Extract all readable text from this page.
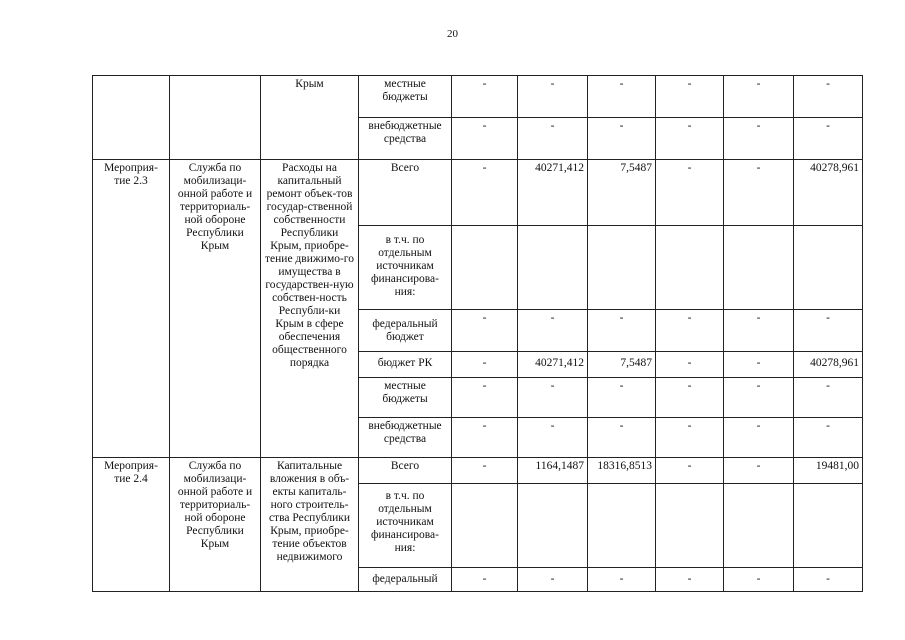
20
		Крым	местные бюджеты	-	-	-	-	-	-
			внебюджетные средства	-	-	-	-	-	-
Мероприя-тие 2.3	Служба по мобилизаци-онной работе и территориаль-ной обороне Республики Крым	Расходы на капитальный ремонт объек-тов государ-ственной собственности Республики Крым, приобре-тение движимо-го имущества в государствен-ную собствен-ность Республи-ки Крым в сфере обеспечения общественного порядка	Всего	-	40271,412	7,5487	-	-	40278,961
			в т.ч. по отдельным источникам финансирова-ния:						
			федеральный бюджет	-	-	-	-	-	-
			бюджет РК	-	40271,412	7,5487	-	-	40278,961
			местные бюджеты	-	-	-	-	-	-
			внебюджетные средства	-	-	-	-	-	-
Мероприя-тие 2.4	Служба по мобилизаци-онной работе и территориаль-ной обороне Республики Крым	Капитальные вложения в объ-екты капиталь-ного строитель-ства Республики Крым, приобре-тение объектов недвижимого	Всего	-	1164,1487	18316,8513	-	-	19481,00
			в т.ч. по отдельным источникам финансирова-ния:						
			федеральный	-	-	-	-	-	-
